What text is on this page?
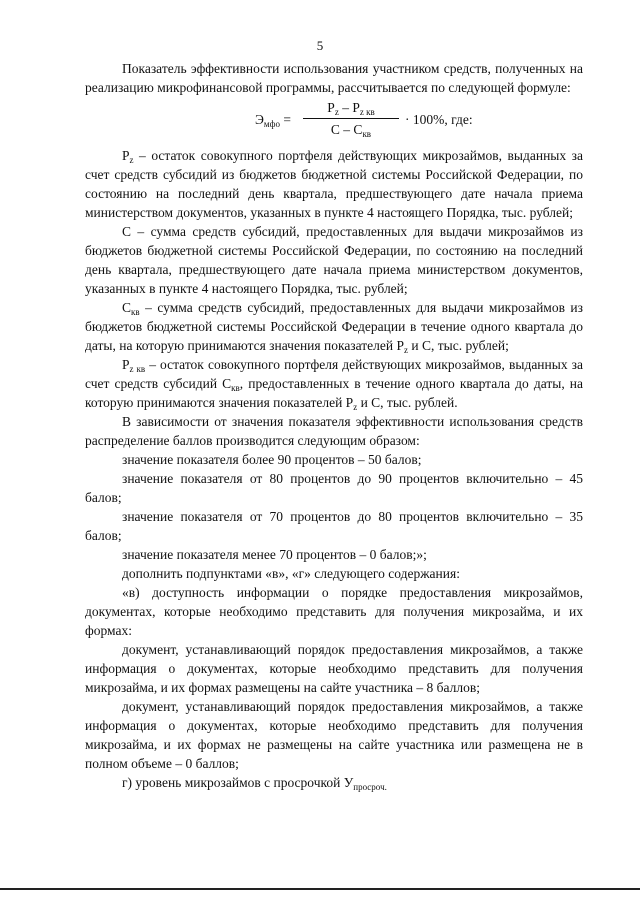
5

Показатель эффективности использования участником средств, полученных на реализацию микрофинансовой программы, рассчитывается по следующей формуле:

$Э_{мфо}$ =
$P_z - P_{z кв}$
C – $C_{кв}$
· 100%, где:

$P_z$ – остаток совокупного портфеля действующих микрозаймов, выданных за счет средств субсидий из бюджетов бюджетной системы Российской Федерации, по состоянию на последний день квартала, предшествующего дате начала приема министерством документов, указанных в пункте 4 настоящего Порядка, тыс. рублей;

С – сумма средств субсидий, предоставленных для выдачи микрозаймов из бюджетов бюджетной системы Российской Федерации, по состоянию на последний день квартала, предшествующего дате начала приема министерством документов, указанных в пункте 4 настоящего Порядка, тыс. рублей;

$С_{кв}$ – сумма средств субсидий, предоставленных для выдачи микрозаймов из бюджетов бюджетной системы Российской Федерации в течение одного квартала до даты, на которую принимаются значения показателей $P_z$ и С, тыс. рублей;

$P_{z кв}$ – остаток совокупного портфеля действующих микрозаймов, выданных за счет средств субсидий $С_{кв}$, предоставленных в течение одного квартала до даты, на которую принимаются значения показателей $P_z$ и С, тыс. рублей.

В зависимости от значения показателя эффективности использования средств распределение баллов производится следующим образом:

значение показателя более 90 процентов – 50 балов;

значение показателя от 80 процентов до 90 процентов включительно – 45 балов;

значение показателя от 70 процентов до 80 процентов включительно – 35 балов;

значение показателя менее 70 процентов – 0 балов;»;

дополнить подпунктами «в», «г» следующего содержания:

«в) доступность информации о порядке предоставления микрозаймов, документах, которые необходимо представить для получения микрозайма, и их формах:

документ, устанавливающий порядок предоставления микрозаймов, а также информация о документах, которые необходимо представить для получения микрозайма, и их формах размещены на сайте участника – 8 баллов;

документ, устанавливающий порядок предоставления микрозаймов, а также информация о документах, которые необходимо представить для получения микрозайма, и их формах не размещены на сайте участника или размещена не в полном объеме – 0 баллов;

г) уровень микрозаймов с просрочкой $У_{просроч.}$
